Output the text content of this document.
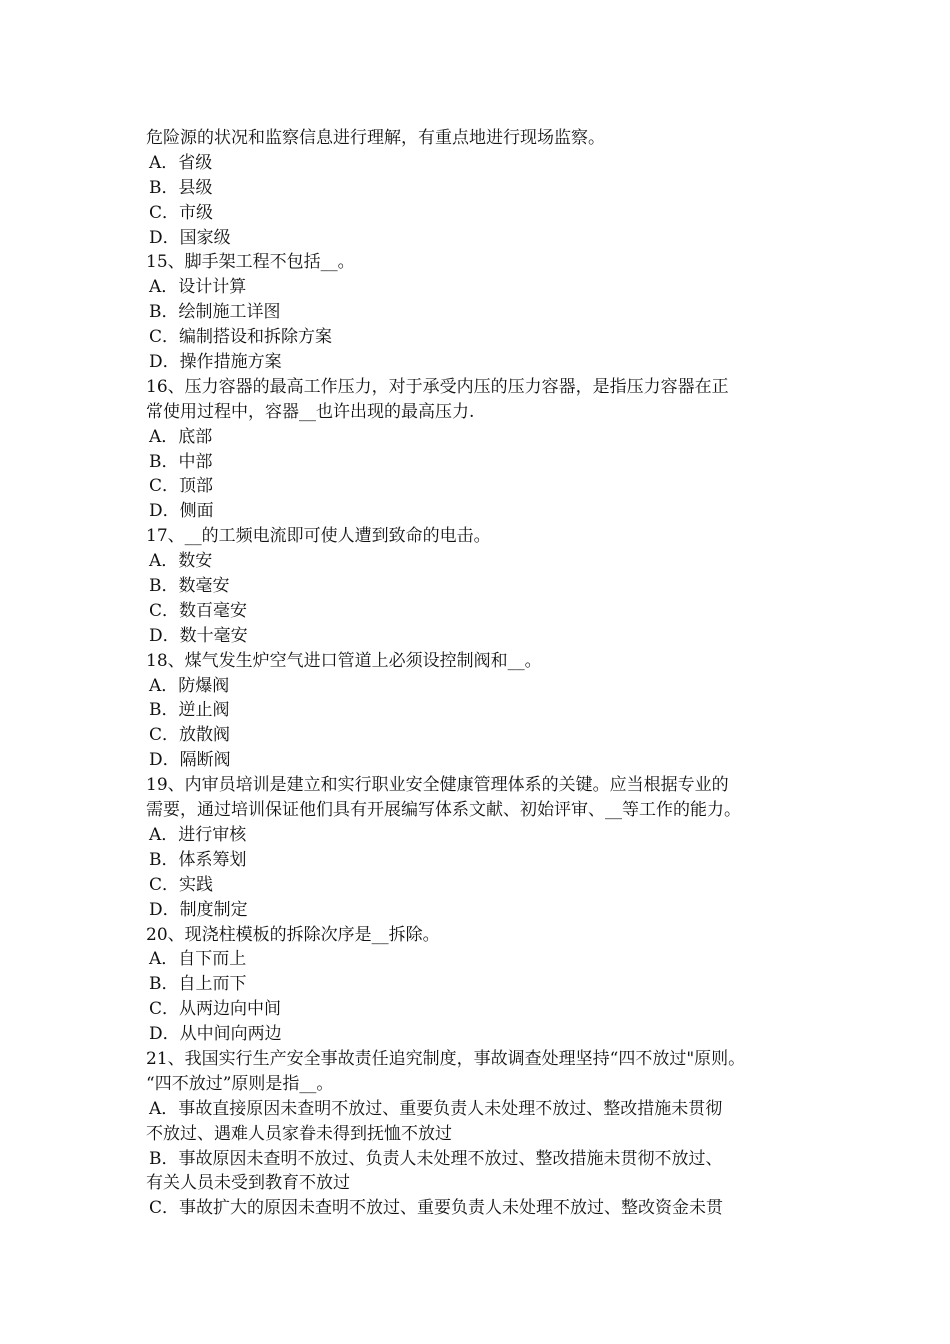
危险源的状况和监察信息进行理解，有重点地进行现场监察。
A．省级
B．县级
C．市级
D．国家级
15、脚手架工程不包括__。
A．设计计算
B．绘制施工详图
C．编制搭设和拆除方案
D．操作措施方案
16、压力容器的最高工作压力，对于承受内压的压力容器，是指压力容器在正
常使用过程中，容器__也许出现的最高压力.
A．底部
B．中部
C．顶部
D．侧面
17、__的工频电流即可使人遭到致命的电击。
A．数安
B．数毫安
C．数百毫安
D．数十毫安
18、煤气发生炉空气进口管道上必须设控制阀和__。
A．防爆阀
B．逆止阀
C．放散阀
D．隔断阀
19、内审员培训是建立和实行职业安全健康管理体系的关键。应当根据专业的
需要，通过培训保证他们具有开展编写体系文献、初始评审、__等工作的能力。
A．进行审核
B．体系筹划
C．实践
D．制度制定
20、现浇柱模板的拆除次序是__拆除。
A．自下而上
B．自上而下
C．从两边向中间
D．从中间向两边
21、我国实行生产安全事故责任追究制度，事故调查处理坚持“四不放过"原则。
“四不放过”原则是指__。
A．事故直接原因未查明不放过、重要负责人未处理不放过、整改措施未贯彻
不放过、遇难人员家眷未得到抚恤不放过
B．事故原因未查明不放过、负责人未处理不放过、整改措施未贯彻不放过、
有关人员未受到教育不放过
C．事故扩大的原因未查明不放过、重要负责人未处理不放过、整改资金未贯
